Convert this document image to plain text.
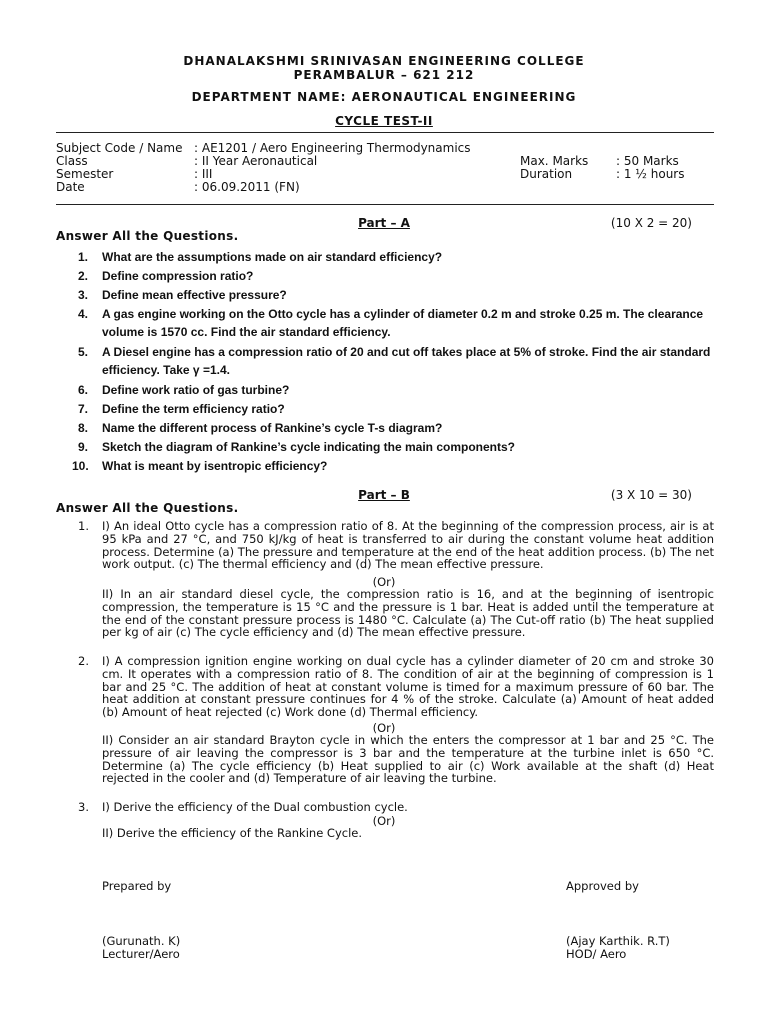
DHANALAKSHMI SRINIVASAN ENGINEERING COLLEGE
PERAMBALUR – 621 212
DEPARTMENT NAME: AERONAUTICAL ENGINEERING
CYCLE TEST-II
Subject Code / Name : AE1201 / Aero Engineering Thermodynamics
Class	: II Year Aeronautical
Semester	: III
Date	: 06.09.2011 (FN)
Max. Marks : 50 Marks
Duration	: 1 ½ hours
Part – A	(10 X 2 = 20)
Answer All the Questions.
1.	What are the assumptions made on air standard efficiency?
2.	Define compression ratio?
3.	Define mean effective pressure?
4.	A gas engine working on the Otto cycle has a cylinder of diameter 0.2 m and stroke 0.25 m. The clearance volume is 1570 cc. Find the air standard efficiency.
5.	A Diesel engine has a compression ratio of 20 and cut off takes place at 5% of stroke. Find the air standard efficiency. Take γ =1.4.
6.	Define work ratio of gas turbine?
7.	Define the term efficiency ratio?
8.	Name the different process of Rankine’s cycle T-s diagram?
9.	Sketch the diagram of Rankine’s cycle indicating the main components?
10.	What is meant by isentropic efficiency?
Part – B	(3 X 10 = 30)
Answer All the Questions.
1. I) An ideal Otto cycle has a compression ratio of 8. At the beginning of the compression process, air is at 95 kPa and 27 °C, and 750 kJ/kg of heat is transferred to air during the constant volume heat addition process. Determine (a) The pressure and temperature at the end of the heat addition process. (b) The net work output. (c) The thermal efficiency and (d) The mean effective pressure.
II) In an air standard diesel cycle, the compression ratio is 16, and at the beginning of isentropic compression, the temperature is 15 °C and the pressure is 1 bar. Heat is added until the temperature at the end of the constant pressure process is 1480 °C. Calculate (a) The Cut-off ratio (b) The heat supplied per kg of air (c) The cycle efficiency and (d) The mean effective pressure.
2. I) A compression ignition engine working on dual cycle has a cylinder diameter of 20 cm and stroke 30 cm. It operates with a compression ratio of 8. The condition of air at the beginning of compression is 1 bar and 25 °C. The addition of heat at constant volume is timed for a maximum pressure of 60 bar. The heat addition at constant pressure continues for 4 % of the stroke. Calculate (a) Amount of heat added (b) Amount of heat rejected (c) Work done (d) Thermal efficiency.
II) Consider an air standard Brayton cycle in which the enters the compressor at 1 bar and 25 °C. The pressure of air leaving the compressor is 3 bar and the temperature at the turbine inlet is 650 °C. Determine (a) The cycle efficiency (b) Heat supplied to air (c) Work available at the shaft (d) Heat rejected in the cooler and (d) Temperature of air leaving the turbine.
3. I) Derive the efficiency of the Dual combustion cycle.
II) Derive the efficiency of the Rankine Cycle.
(Or)
(Or)
(Or)
Prepared by
(Gurunath. K)
Lecturer/Aero
Approved by
(Ajay Karthik. R.T)
HOD/ Aero
